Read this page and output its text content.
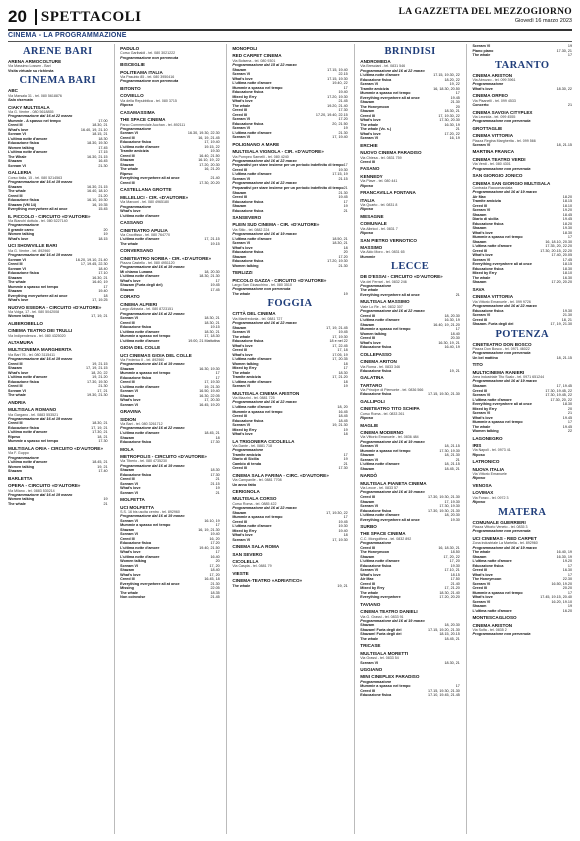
20 SPETTACOLI	LA GAZZETTA DEL MEZZOGIORNO
Giovedì 16 marzo 2023
CINEMA - LA PROGRAMMAZIONE
ARENE BARI
ARENA ARMOCOLTURE
Via Massimo Lossen - Bari
Visita virtuale su richiesta
CINEMA BARI
ABC
Via Marsala 31 - tel. 080 5618876
Sala riservata
CIAKY MULTISALA
Via G. Ventre - 080 5618855
Programmazione dal 16 al 22 marzo
Mummie - A spasso nel tempo	17.00
Creed III	18.30, 21
What's love	16.40, 19, 21.10
Scream VI	18.15, 21
L'ultima notte d'amore	18.30
Educazione fisica	18.30, 19.30
Women talking	17.45
L'ultima notte d'amore	17.15
The Whale	16.30, 21.15
Shazam	16.45
Scream VI	21.30
GALLERIA
Corso Italia, 15 - tel. 080 5214563
Programmazione dal 16 al 19 marzo
Shazam	16.30, 21.15
The whale	16.40, 18.10
Creed III	21.20
Educazione fisica	16.10, 19.30
Shazam (VM 14)	16, 19.35
Everything everywhere all at once	15.45
IL PICCOLO - CIRCUITO «D'AUTORE»
Via Bianchi dottula - tel. 080 5227140
Programmazione
Il grande carro	20
Women talking	19
What's love	18.15
UCI SHOWVILLE BARI
Via G. Ventre - tel. 892960
Programmazione dal 16 al 19 marzo
Scream VI	16.20, 19.10, 21.40
Creed III	17, 19.45, 22.30
Scream VI	18.40
Educazione fisica	17.10
Shazam	16.30, 21
The whale	16.40, 19
Mummie a spasso nel tempo	17
Shazam	19.40
Everything everywhere all at once	18
What's love	17, 19.25
NUOVO ESEDRA - CIRCUITO «D'AUTORE»
Via Volga, 17 - tel. 080 5042008
Women talking	17, 19, 21
ALBEROBELLO
CINEMA TEATRO DEI TRULLI
Via Indipendenza - tel. 080 4325020
ALTAMURA
MULTICINEMA MARGHERITA
Via Bari 76 - tel. 080 3115411
Programmazione dal 16 al 19 marzo
Creed III	19, 21.15
Shazam	17, 19, 21.15
What's love	18, 20, 22
L'ultima notte d'amore	19, 21.20
Educazione fisica	17.30, 19.30
Creed III	21.30
Scream VI	17, 21
The whale	19.30, 21.30
ANDRIA
MULTISALA ROMANO
Via Gargano - tel. 0883 553521
Programmazione dal 16 al 19 marzo
Creed III	18.30, 21
Educazione fisica	17, 19, 21
L'ultima notte d'amore	17.30, 21
Ripeso	18, 21
Mummie a spasso nel tempo	17.30
MULTISALA ORIA - CIRCUITO «D'AUTORE»
Via F. Guppo
Programmazione
L'ultima notte d'amore	18.45, 21
Women talking	19, 21
Shazam	17.40
BARLETTA
OPERA - CIRCUITO «D'AUTORE»
Via Milano - tel. 0883 530214
Programmazione dal 16 al 19 marzo
Women talking	19
The whale	21
PADULO
Corso Garibaldi - tel. 080 3021222
Programmazione non pervenuta
BISCEGLIE
POLITEAMA ITALIA
Via Pasubio 85 - tel. 080 3950416
Programmazione non pervenuta
BITONTO
COVIELLO
Via della Repubblica - tel. 080 3715
Riposo
CASAMASSIMA
THE SPACE CINEMA
Parco Commerciale Auchan - tel. 892111
Programmazione
Scream VI	16.30, 19.30, 22.30
Creed III	16, 19, 21.45
Educazione fisica	17, 19.40
L'ultima notte d'amore	19.15, 22
Tramite amicizia	19.30
Creed III	16.40, 21.50
Shazam	16.10, 19, 22
Shazam	17.20, 20.30
The whale	16, 21.20
Ripeso
Everything everywhere all at once	21.40
Creed III	17.30, 20.20
CASTELLANA GROTTE
MILLELUCI - CIR. «D'AUTORE»
Via Marconi - tel. 080 4965180
Programmazione
What's love
L'ultima notte d'amore
CASSANO
CINETEATRO APULIA
Via Crocifisso - tel. 080 764770
L'ultima notte d'amore	17, 21.15
The whale	19.15
CONVERSANO
CINETEATRO NORBA - CIR. «D'AUTORE»
Piazza Castello - tel. 080 4951120
Programmazione dal 16 al 19 marzo
Mi chiamo Lunana	18, 20.30
L'ultima notte d'amore	18.30, 21.30
What's love	17
Shazam (Furia degli dei)	19.45
Shazam	17.45
CORATO
CINEMA ALFIERI
Largo Abbazia - tel. 080 8723151
Programmazione dal 16 al 22 marzo
Scream VI	18.30, 21
Creed III	18.30, 21
Educazione fisica	19.15
L'ultima notte d'amore	18.30, 21
Mummie a spasso nel tempo	17, 18.30
L'ultima notte d'amore	19.00, 21 Mattutina
GIOIA DEL COLLE
UCI CINEMAS GIOIA DEL COLLE
Via Federico II - tel. 892960
Programmazione dal 16 al 19 marzo
Shazam	16.30, 19.30
Mummie a spasso nel tempo	17
Educazione fisica	17
Creed III	17, 19.30
L'ultima notte d'amore	19, 21.30
Scream VI	16.50, 19.40
Shazam	16.30, 22.05
What's love	17, 20.30
Scream VI	16.45, 19.20
GRAVINA
SIDION
Via Bari - tel. 080 3261712
Programmazione dal 16 al 22 marzo
L'ultima notte d'amore	18.45, 21
Shazam	18
Educazione fisica	17.30
MOLA
METROPOLIS - CIRCUITO «D'AUTORE»
Via Tiberio - tel. 080 4735230
Programmazione dal 16 al 19 marzo
Shazam	18.30
Educazione fisica	17.30
Creed III	21
Scream VI	21.15
What's love	19
Scream VI	21
MOLFETTA
UCI MOLFETTA
S.S. 16 bis uscita centro - tel. 892960
Programmazione dal 16 al 19 marzo
Scream VI	16.10, 19
Mummie a spasso nel tempo	17
Shazam	16, 19, 21.30
Scream VI	19.40
Creed III	16, 20
Educazione fisica	17.20
L'ultima notte d'amore	19.40, 21.50
What's love	17
L'ultima notte d'amore	16.40
Women talking	20
Scream VI	17, 20
Shazam	18.40
What's love	17, 20
Creed III	16.45, 18
Everything everywhere all at once	21.30
Missing	22.05
The whale	18.35
Non coinvolse	21.45
MONOPOLI
RED CARPET CINEMA
Via Bolsena - tel. 080 9301
Programmazione dal 15 al 22 marzo
Shazam	17.15, 19.40
Scream VI	22.15
What's love	17.15, 19.30
L'ultima notte d'amore	19.40, 22
Mummie a spasso nel tempo	17
Educazione fisica	19.40
Mixed by Erry	17.20, 19.30
What's love	21.45
The whale	19.20, 21.40
Creed III	17.30
Creed III	17.20, 19.40, 22.15
Scream VI	17.20
Educazione fisica	20, 21.50
Scream VI	19
L'ultima notte d'amore	21.30
Scream VI	17, 19.40
POLIGNANO A MARE
MULTISALA VIGNOLA - CIR. «D'AUTORE»
Via Pompeo Sarnelli - tel. 080 4240
Programmazione dal 16 al 22 marzo
Preparativi per stare insieme per un periodo indefinito di tempo 17
Creed III	19.30
L'ultima notte d'amore	17.15, 19
Scream VI	21.15
Programmazione dal 16 al 22 marzo
Preparativi per stare insieme per un periodo indefinito di tempo 21
Shazam	21.30
Creed III	19.45
Educazione fisica	17
Shazam	19
Educazione fisica	21
SANSEVERO
PLEIN SUD CINEMA - CIR. «D'AUTORE»
Via Stilo - tel. 0882 224
Programmazione dal 16 al 19 marzo
L'ultima notte d'amore	18.50, 21
Scream VI	18.30, 21
What's love	18
Educazione fisica	20
Shazam	17.20
Educazione fisica	17.20, 19.30
Women talking	21.30
TERLIZZI
PICCOLO GAZZA - CIRCUITO «D'AUTORE»
Largo San Gioacchino - tel. 080 3510
Programmazione non pervenuta
The whale	19
FOGGIA
CITTÀ DEL CINEMA
Via Manfredonia - tel. 0881 727
Programmazione dal 16 al 22 marzo
Shazam	17, 19, 21.45
Scream VI	19.45
The whale	17, 19.30
Educazione fisica	18 e nel 22
What's love	17, 22.45
Creed III	17, 18
What's love	17.05, 19
L'ultima notte d'amore	17, 20.35
Women talking	18
Mixed by Erry	17
The whale	18.30
Tramite amicizia	17, 21.20
L'ultima notte d'amore	18
Scream VI	19
MULTISALA CINEMA ARISTON
Via Mazzini - tel. 0881 725
Programmazione dal 16 al 22 marzo
L'ultima notte d'amore	18, 20
Mummie a spasso nel tempo	16.45
Creed III	18.45
Educazione fisica	18.45
Scream VI	19, 21.30
Mixed by Erry	19
What's love	18
LA TRIGONERA CICOLELLA
Via Dante - tel. 0881 718
Programmazione
Tramite amicizia	17
Diario di Sicilia	19
Cambio di tenda	21
Creed III	17.30
CINEMA SALA FARINA - CIRC. «D'AUTORE»
Via Campanile - tel. 0881 7708
Un anno fatto
CERIGNOLA
MULTISALA CORSO
Corso Roma - tel. 0885 422
Programmazione dal 16 al 22 marzo
Shazam	17, 19.30, 22
Mummie a spasso nel tempo	17
Creed III	19.45
L'ultima notte d'amore	19.30
Mixed by Erry	19.40
What's love	18
Scream VI	17, 19.30
CINEMA SALA ROMA
SAN SEVERO
CICOLELLA
Via Caspia - tel. 0881 79
VIESTE
CINEMA-TEATRO «ADRIATICO»
The whale	19, 21
BRINDISI
ANDROMEDA
Via Bresciani - tel. 0831 546
Programmazione dal 16 al 22 marzo
L'ultima notte d'amore	17.15, 19.30, 22
Educazione fisica	18.20, 22
Scream VI	19, 22
Tramite amicizia	16, 18.30, 20.50
Mummie a spasso nel tempo	17
Everything everywhere all at once	19.45
Shazam	21.30
The Honeymoon	20
Shazam	18.30, 21
Creed III	17, 19.30, 22
What's love	17.30, 20.30
The whale	16.30, 19
The whale (Vo. s.)	21
What's love	17.20, 22
Scream VI	16, 19
ERCHIE
NUOVO CINEMA PARADISO
Via Chiesa - tel. 0831 759
Creed III
FASANO
KENNEDY
Via Piave - tel. 080 441
Riposo
FRANCAVILLA FONTANA
ITALIA
Via Quarto - tel. 0831 8
Riposo
MESAGNE
COMUNALE
Via Albricci - tel. 0831 7
Riposo
SAN PIETRO VERNOTICO
MASSIMO
Via Aldo Moro - tel. 0831 65
Mummie
LECCE
DB D'ESSAI - CIRCUITO «D'AUTORE»
Via dei Ferrari - tel. 0832 246
Programmazione
The whale
Everything everywhere all at once	21
MULTISALA MASSIMO
Viale Lo Re - tel. 0832 307
Programmazione dal 16 al 22 marzo
Creed III	18, 20.30
L'ultima notte d'amore	16.30, 19
Shazam	16.40, 19, 21.20
Mummie a spasso nel tempo	17
Women talking	18.40
Creed III	20.30
What's love	16.30, 19, 21
Educazione fisica	16.40, 19
COLLEPASSO
CINEMA ARITON
Via Roma - tel. 0833 346
Educazione fisica	19, 21
GALATINA
TARTARO
Via Principe di Piemonte - tel. 0836 566
Educazione fisica	17.15, 19.30, 21.30
GALLIPOLI
CINETEATRO TITO SCHIPA
Corso Roma - tel. 0833 261
Riposo
MAGLIE
CINEMA MODERNO
Via Vittorio Emanuele - tel. 0836 484
Programmazione dal 16 al 19 marzo
Scream VI	18, 21.15
Mummie a spasso nel tempo	17.30, 19.30
Shazam	18, 21.30
Scream VI	21
L'ultima notte d'amore	18, 21.15
Shazam	18.45, 21
NARDÒ
MULTISALA PIANETA CINEMA
Via Lecce - tel. 0833 57
Programmazione dal 16 al 19 marzo
Creed III	17.30, 19.30, 21.30
Shazam	17, 19.30
Scream VI	17.30, 19.30
Educazione fisica	17.30, 19.30, 21.30
L'ultima notte d'amore	18, 20.30
Everything everywhere all at once	19.30
SURBO
THE SPACE CINEMA
C.C. Mongolfiera - tel. 0832 892
Programmazione
Creed III	16, 18.30, 21
The Honeymoon	18.50
Shazam	17, 20, 22
L'ultima notte d'amore	17, 20
Educazione fisica	19.30
Scream VI	17.10, 21
What's love	18.15
Air Max	17.50
Creed III	21.40
Mixed by Erry	17, 21.20
The whale	18.30, 21.40
Everything everywhere	17.20, 20.20
TAVIANO
CINEMA TEATRO DANIELI
Via G. Grassi - tel. 0833 91
Programmazione dal 16 al 19 marzo
Shazam	18, 20.30
Shazam! Furia degli dei	17.15, 19.20, 21.30
Shazam! Furia degli dei	18.15, 20.15
The whale	18.45, 21
TRICASE
MULTISALA MORETTI
Via Grassi - tel. 0833 54
Scream VI	18.30, 21
UGGIANO
MINI CINEPLEX PARADISO
Programmazione
Mummie a spasso nel tempo	17
Creed III	17.15, 19.30, 21.30
Educazione fisica	17.10, 19.45, 21.45
Scream VI	19
Piano piano	17.30, 21
The whale	17
TARANTO
CINEMA ARISTON
Via Abruzzo - tel. 099 3961
Programmazione
What's love	18.30, 22
CINEMA ORFEO
Via Pisanelli - tel. 099 4533
Concerto	21
CINEMA SAVOIA CITYPLEX
Via Leonida - tel. 099 4555
Programmazione non pervenuta
GROTTAGLIE
CINEMA VITTORIA
Piazza Regina Margherita - tel. 099 566
Scream VI	18, 21.15
MARTINA FRANCA
CINEMA TEATRO VERDI
Via Verdi - tel. 080 4301
Programmazione non pervenuta
SAN GIORGIO JONICO
CINEMA SAN GIORGIO MULTISALA
Contrada Raccomandata
Programmazione dal 16 al 19 marzo
Air Max	18.20
Tramite amicizia	18.15
Creed III	18.10
Scream VI	19.20
Shazam	18.45
Diario di sicilia	19.45
Educazione fisica	18.20
Shazam	19.30
What's love	18.30
Mummie a spasso nel tempo	17
Shazam	16, 18.10, 20.30
L'ultima notte d'amore	17.35, 20, 22.20
Creed III	17.30, 20.15, 22.20
What's love	17.40, 20.05
Scream VI	17.45
Everything everywhere all at once	18.15
Educazione fisica	18.30
Mixed by Erry	18.10
The whale	16.30
Shazam	17.20, 20.20
SAVA
CINEMA VITTORIA
Via Vittorio Emanuele - tel. 099 9726
Programmazione dal 16 al 22 marzo
Educazione fisica	19.30
Scream VI	21.30
Creed III	18, 21
Shazam. Furia degli dei	17, 19, 21.30
POTENZA
CINETEATRO DON BOSCO
Piazza Don Bosco - tel. 0971 46022
Programmazione non pervenuta
Un bel mattino	18, 21.15
TITO
MULTICINEMA RANIERI
Area industriale Tito Scalo - tel. 0971 651244
Programmazione dal 16 al 19 marzo
Shazam	17, 19.45
Creed III	17.30, 19.45, 22
Scream VI	17.30, 19.45, 22
L'ultima notte d'amore	17.30, 20, 22
Everything everywhere all at once	18.30
Mixed by Erry	20
Scream VI	21
What's love	19.45
Mummie a spasso nel tempo	17
The whale	19.45
Women talking	22
LAGONEGRO
IRIS
Via Napoli - tel. 0973 41
Riposo
LATRONICO
NUOVA ITALIA
Via Vittorio Emanuele
Riposo
VENOSA
LOVIMAX
Via Fonzo - tel. 0972 3
Riposo
MATERA
COMUNALE GUERRIERI
Piazza Vittorio Veneto - tel. 0835 3
Programmazione non pervenuta
UCI CINEMAS - RED CARPET
Zona industriale La Martella - tel. 892960
Programmazione dal 16 al 19 marzo
The whale	16.40, 19
Shazam	16.30, 19
L'ultima notte d'amore	19.20
Educazione fisica	17
Creed III	16.30
What's love	17
The Honeymoon	22.30
Scream VI	16.50, 19.20
Creed III	20.20
Mummie a spasso nel tempo	17
What's love	17.45, 19.15, 20.40
Scream VI	16.20, 19.10
Shazam	19
L'ultima notte d'amore	16.20
MONTESCAGLIOSO
CINEMA ARISTON
Via Solfa - tel. 0835 2
Programmazione non pervenuta
